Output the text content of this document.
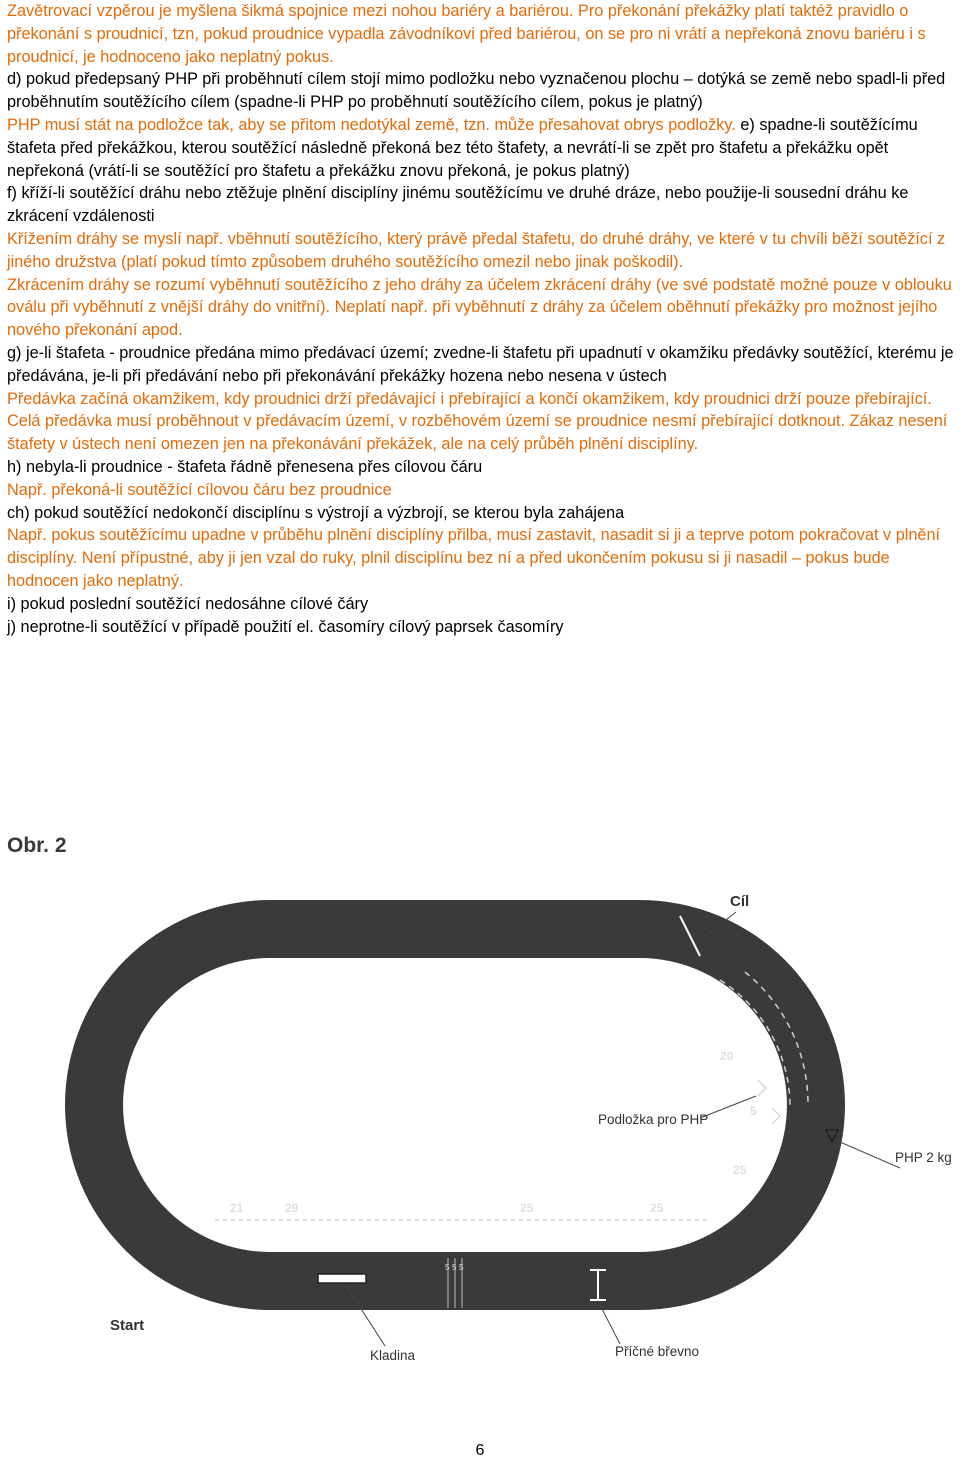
Zavětrovací vzpěrou je myšlena šikmá spojnice mezi nohou bariéry a bariérou. Pro překonání překážky platí taktéž pravidlo o překonání s proudnicí, tzn, pokud proudnice vypadla závodníkovi před bariérou, on se pro ni vrátí a nepřekoná znovu bariéru i s proudnicí, je hodnoceno jako neplatný pokus.

d) pokud předepsaný PHP při proběhnutí cílem stojí mimo podložku nebo vyznačenou plochu – dotýká se země nebo spadl-li před proběhnutím soutěžícího cílem (spadne-li PHP po proběhnutí soutěžícího cílem, pokus je platný)

PHP musí stát na podložce tak, aby se přitom nedotýkal země, tzn. může přesahovat obrys podložky. e) spadne-li soutěžícímu štafeta před překážkou, kterou soutěžící následně překoná bez této štafety, a nevrátí-li se zpět pro štafetu a překážku opět nepřekoná (vrátí-li se soutěžící pro štafetu a překážku znovu překoná, je pokus platný)

f) kříží-li soutěžící dráhu nebo ztěžuje plnění disciplíny jinému soutěžícímu ve druhé dráze, nebo použije-li sousední dráhu ke zkrácení vzdálenosti

Křížením dráhy se myslí např. vběhnutí soutěžícího, který právě předal štafetu, do druhé dráhy, ve které v tu chvíli běží soutěžící z jiného družstva (platí pokud tímto způsobem druhého soutěžícího omezil nebo jinak poškodil).

Zkrácením dráhy se rozumí vyběhnutí soutěžícího z jeho dráhy za účelem zkrácení dráhy (ve své podstatě možné pouze v oblouku oválu při vyběhnutí z vnější dráhy do vnitřní). Neplatí např. při vyběhnutí z dráhy za účelem oběhnutí překážky pro možnost jejího nového překonání apod.

g) je-li štafeta - proudnice předána mimo předávací území; zvedne-li štafetu při upadnutí v okamžiku předávky soutěžící, kterému je předávána, je-li při předávání nebo při překonávání překážky hozena nebo nesena v ústech

Předávka začíná okamžikem, kdy proudnici drží předávající i přebírající a končí okamžikem, kdy proudnici drží pouze přebírající. Celá předávka musí proběhnout v předávacím území, v rozběhovém území se proudnice nesmí přebírající dotknout. Zákaz nesení štafety v ústech není omezen jen na překonávání překážek, ale na celý průběh plnění disciplíny.

h) nebyla-li proudnice - štafeta řádně přenesena přes cílovou čáru

Např. překoná-li soutěžící cílovou čáru bez proudnice

ch) pokud soutěžící nedokončí disciplínu s výstrojí a výzbrojí, se kterou byla zahájena

Např. pokus soutěžícímu upadne v průběhu plnění disciplíny přilba, musí zastavit, nasadit si ji a teprve potom pokračovat v plnění disciplíny. Není přípustné, aby ji jen vzal do ruky, plnil disciplínu bez ní a před ukončením pokusu si ji nasadil – pokus bude hodnocen jako neplatný.

i) pokud poslední soutěžící nedosáhne cílové čáry

j) neprotne-li soutěžící v případě použití el. časomíry cílový paprsek časomíry

Obr. 2
20
5
25
21	29	25	25
5 5 5
Cíl
Podložka pro PHP
PHP 2 kg
Start
Kladina	Příčné břevno
6
